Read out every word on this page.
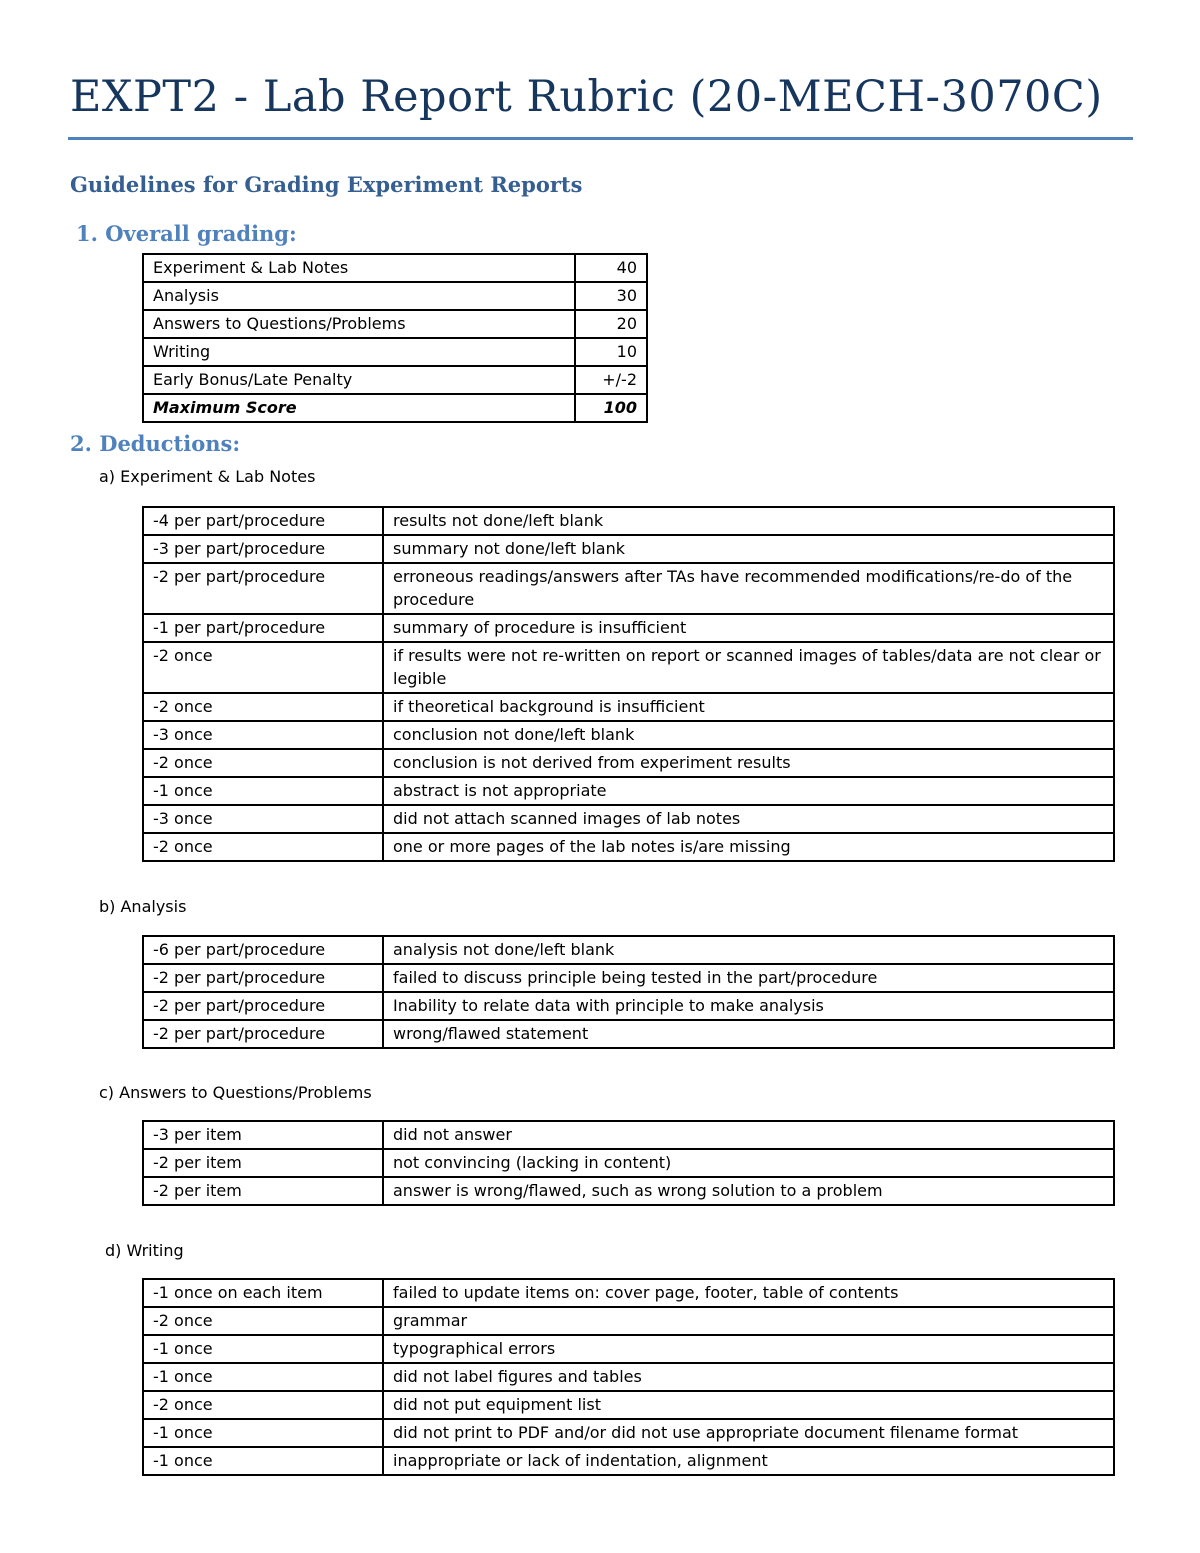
EXPT2 - Lab Report Rubric (20-MECH-3070C)
Guidelines for Grading Experiment Reports
1. Overall grading:
Experiment & Lab Notes	40
Analysis	30
Answers to Questions/Problems	20
Writing	10
Early Bonus/Late Penalty	+/-2
Maximum Score	100
2. Deductions:
a) Experiment & Lab Notes
-4 per part/procedure	results not done/left blank
-3 per part/procedure	summary not done/left blank
-2 per part/procedure	erroneous readings/answers after TAs have recommended modifications/re-do of the procedure
-1 per part/procedure	summary of procedure is insufficient
-2 once	if results were not re-written on report or scanned images of tables/data are not clear or legible
-2 once	if theoretical background is insufficient
-3 once	conclusion not done/left blank
-2 once	conclusion is not derived from experiment results
-1 once	abstract is not appropriate
-3 once	did not attach scanned images of lab notes
-2 once	one or more pages of the lab notes is/are missing
b) Analysis
-6 per part/procedure	analysis not done/left blank
-2 per part/procedure	failed to discuss principle being tested in the part/procedure
-2 per part/procedure	Inability to relate data with principle to make analysis
-2 per part/procedure	wrong/flawed statement
c) Answers to Questions/Problems
-3 per item	did not answer
-2 per item	not convincing (lacking in content)
-2 per item	answer is wrong/flawed, such as wrong solution to a problem
d) Writing
-1 once on each item	failed to update items on: cover page, footer, table of contents
-2 once	grammar
-1 once	typographical errors
-1 once	did not label figures and tables
-2 once	did not put equipment list
-1 once	did not print to PDF and/or did not use appropriate document filename format
-1 once	inappropriate or lack of indentation, alignment
